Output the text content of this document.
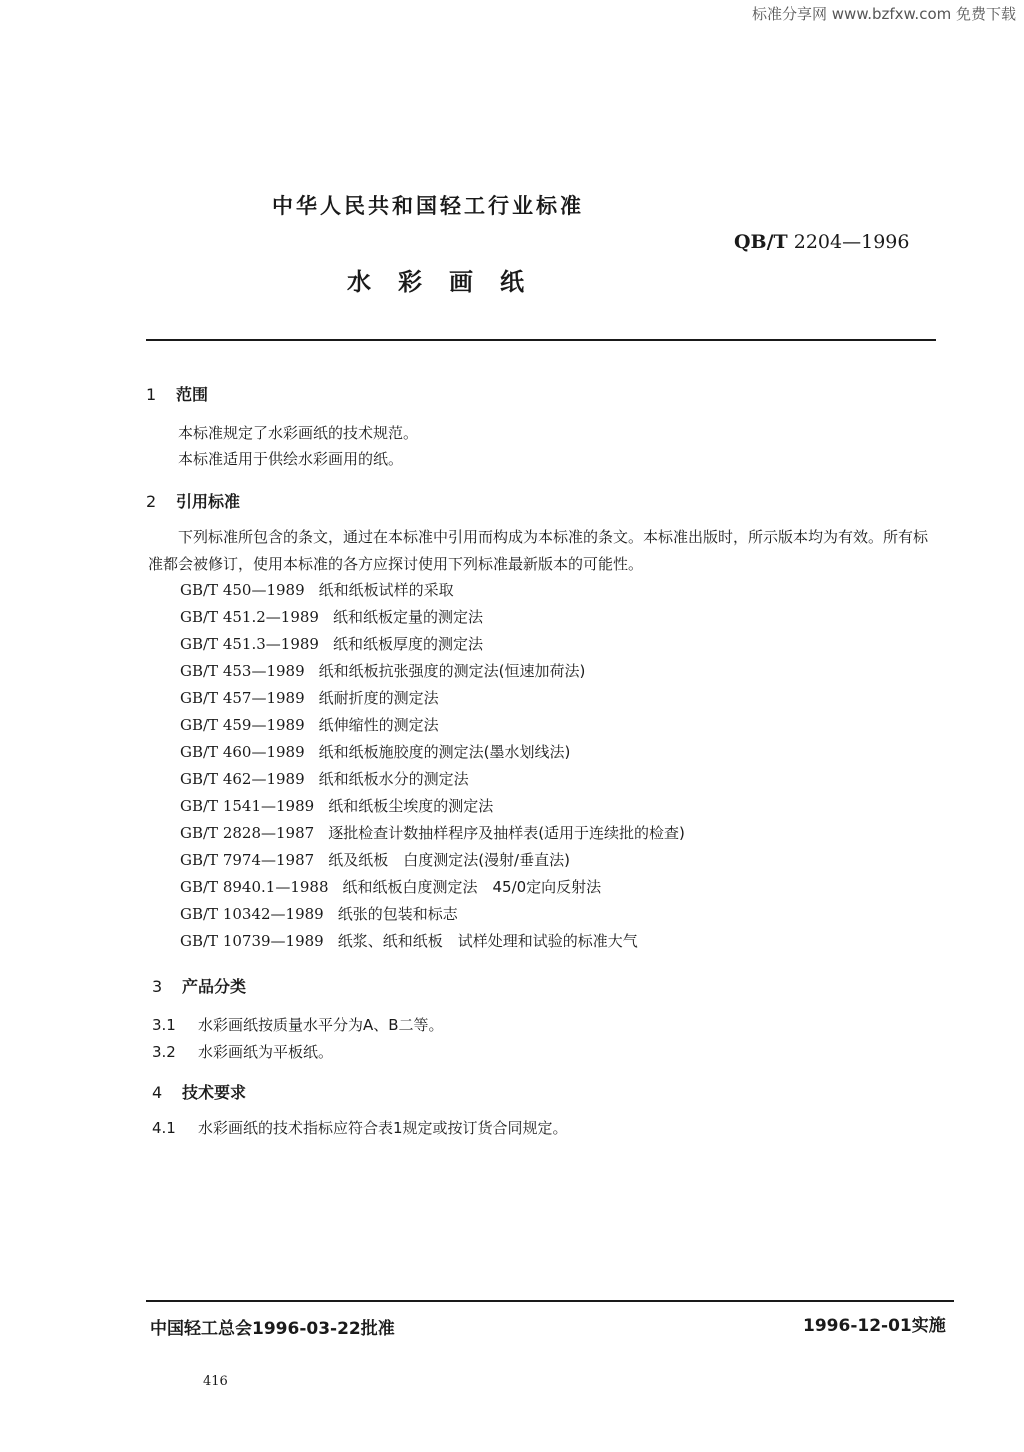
标准分享网 www.bzfxw.com 免费下载
中华人民共和国轻工行业标准
QB/T 2204—1996
水彩画纸
1 范围
本标准规定了水彩画纸的技术规范。
本标准适用于供绘水彩画用的纸。
2 引用标准
下列标准所包含的条文，通过在本标准中引用而构成为本标准的条文。本标准出版时，所示版本均为有效。所有标准都会被修订，使用本标准的各方应探讨使用下列标准最新版本的可能性。
GB/T 450—1989 纸和纸板试样的采取
GB/T 451.2—1989 纸和纸板定量的测定法
GB/T 451.3—1989 纸和纸板厚度的测定法
GB/T 453—1989 纸和纸板抗张强度的测定法(恒速加荷法)
GB/T 457—1989 纸耐折度的测定法
GB/T 459—1989 纸伸缩性的测定法
GB/T 460—1989 纸和纸板施胶度的测定法(墨水划线法)
GB/T 462—1989 纸和纸板水分的测定法
GB/T 1541—1989 纸和纸板尘埃度的测定法
GB/T 2828—1987 逐批检查计数抽样程序及抽样表(适用于连续批的检查)
GB/T 7974—1987 纸及纸板　白度测定法(漫射/垂直法)
GB/T 8940.1—1988 纸和纸板白度测定法　45/0定向反射法
GB/T 10342—1989 纸张的包装和标志
GB/T 10739—1989 纸浆、纸和纸板　试样处理和试验的标准大气
3 产品分类
3.1 水彩画纸按质量水平分为A、B二等。
3.2 水彩画纸为平板纸。
4 技术要求
4.1 水彩画纸的技术指标应符合表1规定或按订货合同规定。
中国轻工总会1996-03-22批准	1996-12-01实施
416
